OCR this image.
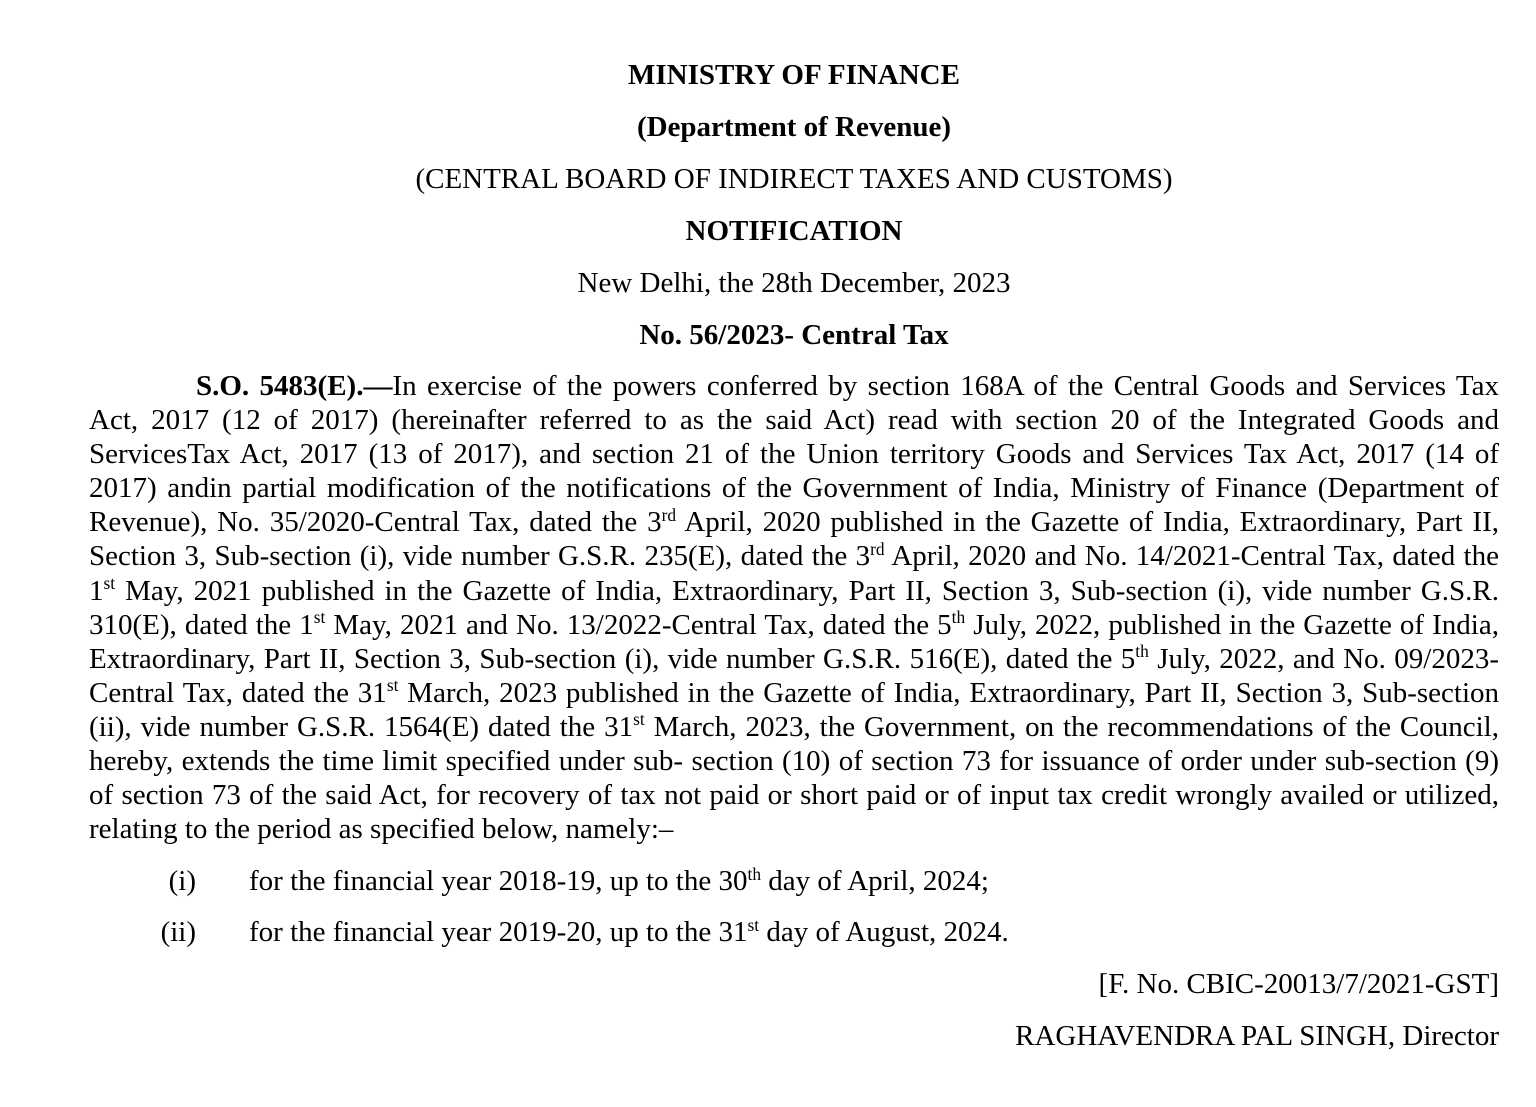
MINISTRY OF FINANCE
(Department of Revenue)
(CENTRAL BOARD OF INDIRECT TAXES AND CUSTOMS)
NOTIFICATION
New Delhi, the 28th December, 2023
No. 56/2023- Central Tax

S.O. 5483(E).—In exercise of the powers conferred by section 168A of the Central Goods and Services Tax Act, 2017 (12 of 2017) (hereinafter referred to as the said Act) read with section 20 of the Integrated Goods and ServicesTax Act, 2017 (13 of 2017), and section 21 of the Union territory Goods and Services Tax Act, 2017 (14 of 2017) andin partial modification of the notifications of the Government of India, Ministry of Finance (Department of Revenue), No. 35/2020-Central Tax, dated the 3rd April, 2020 published in the Gazette of India, Extraordinary, Part II, Section 3, Sub-section (i), vide number G.S.R. 235(E), dated the 3rd April, 2020 and No. 14/2021-Central Tax, dated the 1st May, 2021 published in the Gazette of India, Extraordinary, Part II, Section 3, Sub-section (i), vide number G.S.R. 310(E), dated the 1st May, 2021 and No. 13/2022-Central Tax, dated the 5th July, 2022, published in the Gazette of India, Extraordinary, Part II, Section 3, Sub-section (i), vide number G.S.R. 516(E), dated the 5th July, 2022, and No. 09/2023-Central Tax, dated the 31st March, 2023 published in the Gazette of India, Extraordinary, Part II, Section 3, Sub-section (ii), vide number G.S.R. 1564(E) dated the 31st March, 2023, the Government, on the recommendations of the Council, hereby, extends the time limit specified under sub- section (10) of section 73 for issuance of order under sub-section (9) of section 73 of the said Act, for recovery of tax not paid or short paid or of input tax credit wrongly availed or utilized, relating to the period as specified below, namely:–

(i) for the financial year 2018-19, up to the 30th day of April, 2024;
(ii) for the financial year 2019-20, up to the 31st day of August, 2024.
[F. No. CBIC-20013/7/2021-GST]
RAGHAVENDRA PAL SINGH, Director
